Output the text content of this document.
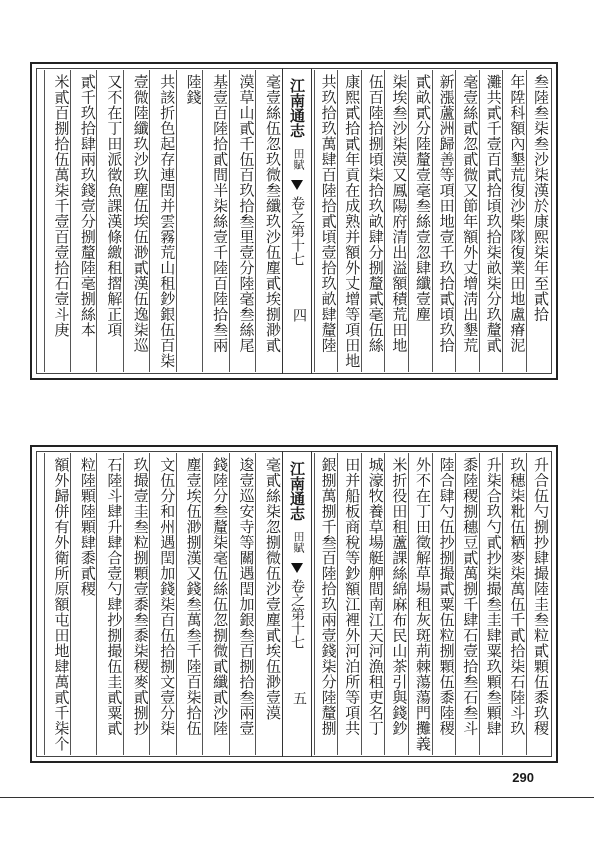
江南通志
田賦
卷之第十七
四	叁陸叁柒叁沙柒漢於康熙柒年至貳拾
年陞科額內墾荒復沙柴隊復業田地盧瘠泥
灘共貳千壹百貳拾頃玖拾柒畝柒分玖釐貳
毫壹絲貳忽貳微又節年額外丈增淸出墾荒
新漲蘆洲歸善等項田地壹千玖拾貳頃玖拾
貳畝貳分陸釐壹毫叁絲壹忽肆纖壹塵
柒埃叁沙柒漠又鳳陽府清出溢額積荒田地
伍百陸拾捌頃柒拾玖畝肆分捌釐貳毫伍絲
康熙貳拾貳年貢在成熟并額外丈增等項田地
共玖拾玖萬肆百陸拾貳頃壹拾玖畝肆釐陸
毫壹絲伍忽玖微叁纖玖沙伍塵貳埃捌渺貳
漠草山貳千伍百玖拾叁里壹分陸毫叁絲尾
基壹百陸拾貳間半柒絲壹千陸百陸拾叁兩
陸錢
共該折色起存連閏并雲霧荒山租鈔銀伍百柒
壹微陸纖玖沙玖塵伍埃伍渺貳漢伍逸柒巡
又不在丁田派徵魚課漢條繳租摺解正項
貳千玖拾肆兩玖錢壹分捌釐陸毫捌絲本
米貳百捌拾伍萬柒千壹百壹拾石壹斗庚
江南通志
田賦
卷之第十七
五	升合伍勺捌抄肆撮陸圭叁粒貳顆伍黍玖稷
玖穗柒粃伍粞麥柒萬伍千貳拾柒石陸斗玖
升柒合玖勺貳抄柒撮叁圭肆粟玖顆叁顆肆
黍陸稷捌穗豆貳萬捌千肆石壹拾叁石叁斗
陸合肆勺伍抄捌撮貳粟伍粒捌顆伍黍陸稷
外不在丁田徵解草場租灰斑荊棘蕩蕩門攤義
米折役田租蘆課絲綿麻布民山茶引與錢鈔
城濠牧養草場艇舺間南江天河漁租吏名丁
田并船板商稅等鈔額江裡外河泊所等項共
銀捌萬捌千叁百陸拾玖兩壹錢柒分陸釐捌
毫貳絲柒忽捌微伍沙壹塵貳埃伍渺壹漠
逡壹巡安寺等關遇閏加銀叁百捌拾叁兩壹
錢陸分叁釐柒毫伍絲伍忽捌微貳纖貳沙陸
塵壹埃伍渺捌漢又錢叁萬叁千陸百柒拾伍
文伍分和州遇閏加錢柒百伍拾捌文壹分柒
玖撮壹圭叁粒捌顆壹黍叁黍柒稷麥貳捌抄
石陸斗肆升肆合壹勺肆抄捌撮伍圭貳粟貳
粒陸顆陸顆肆黍貳稷
額外歸併有外衛所原額屯田地肆萬貳千柒个
290
